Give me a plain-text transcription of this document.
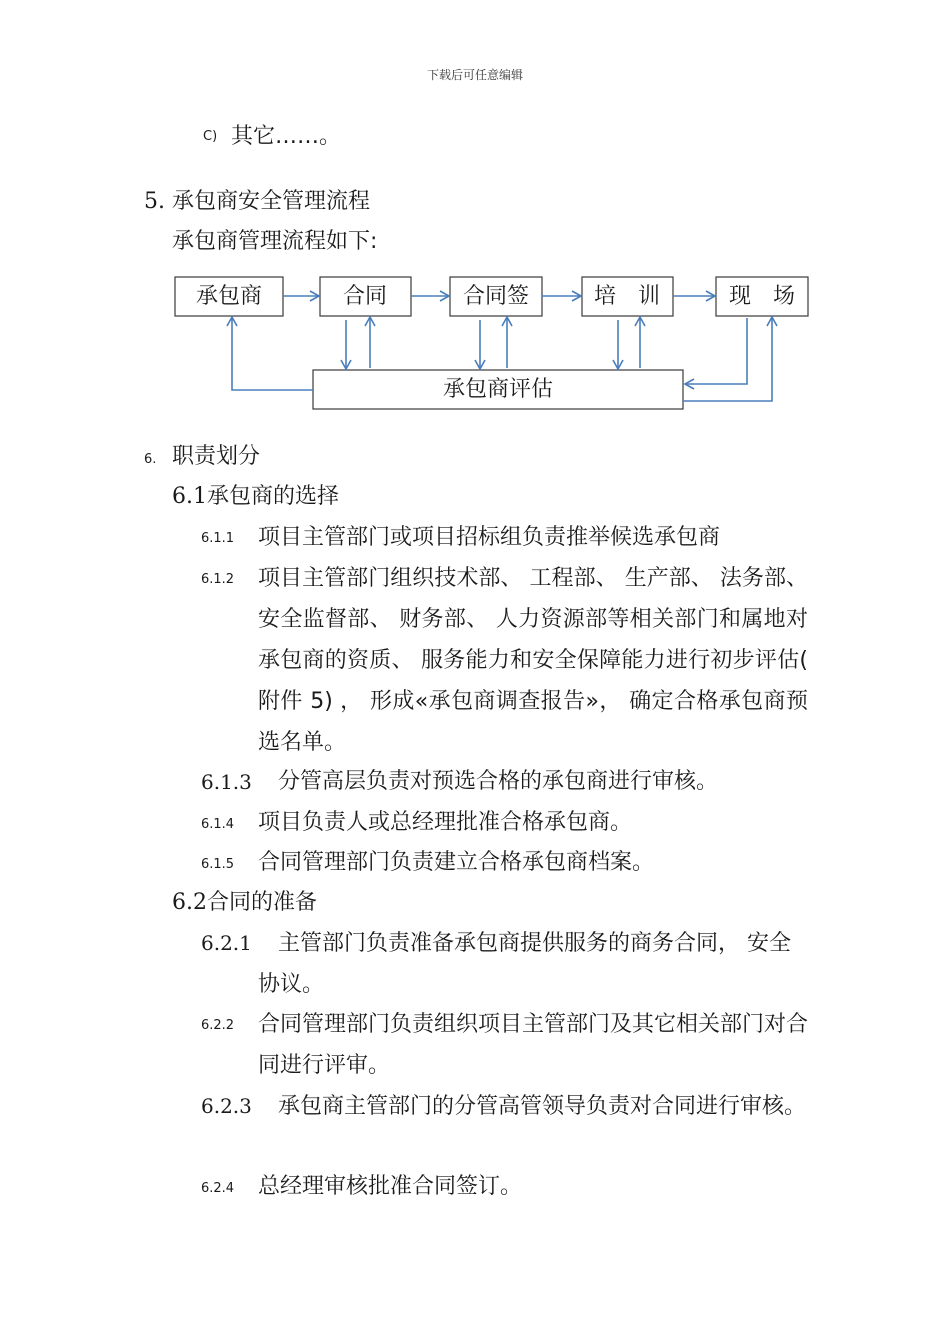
下载后可任意编辑
C) 其它……。
5. 承包商安全管理流程
承包商管理流程如下:
承包商	合同	合同签	培　训	现　场
承包商评估
6. 职责划分
6.1承包商的选择
6.1.1 项目主管部门或项目招标组负责推举候选承包商
6.1.2 项目主管部门组织技术部、 工程部、 生产部、 法务部、 安全监督部、 财务部、 人力资源部等相关部门和属地对承包商的资质、 服务能力和安全保障能力进行初步评估( 附件 5) ， 形成«承包商调查报告»， 确定合格承包商预选名单。
6.1.3 分管高层负责对预选合格的承包商进行审核。
6.1.4 项目负责人或总经理批准合格承包商。
6.1.5 合同管理部门负责建立合格承包商档案。
6.2合同的准备
6.2.1	主管部门负责准备承包商提供服务的商务合同， 安全协议。
6.2.2 合同管理部门负责组织项目主管部门及其它相关部门对合同进行评审。
6.2.3	承包商主管部门的分管高管领导负责对合同进行审核。
6.2.4 总经理审核批准合同签订。
